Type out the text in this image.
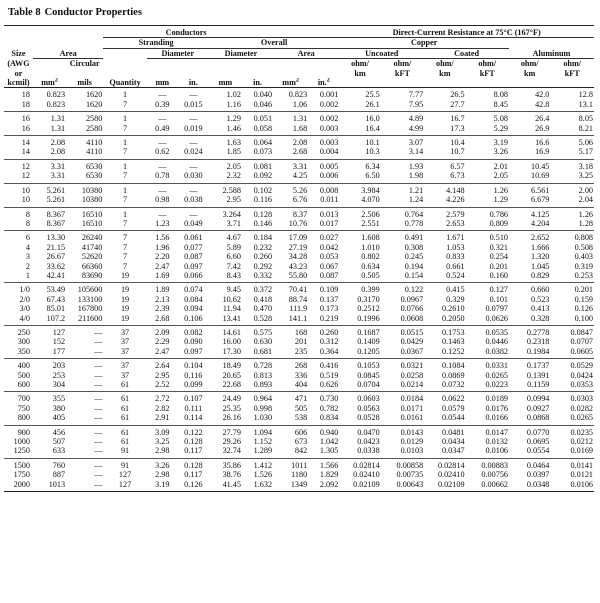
Table 8 Conductor Properties
	Conductors									Direct-Current Resistance at 75°C (167°F)					
			Stranding			Overall				Copper					
Size	Area			Diameter		Diameter		Area		Uncoated		Coated		Aluminum	
(AWG		Circular								ohm/	ohm/	ohm/	ohm/	ohm/	ohm/
or										km	kFT	km	kFT	km	kFT
kcmil)	$mm^2$	mils	Quantity	mm	in.	mm	in.	$mm^2$	in.$^2$						
18	0.823	1620	1	—	—	1.02	0.040	0.823	0.001	25.5	7.77	26.5	8.08	42.0	12.8
18	0.823	1620	7	0.39	0.015	1.16	0.046	1.06	0.002	26.1	7.95	27.7	8.45	42.8	13.1
16	1.31	2580	1	—	—	1.29	0.051	1.31	0.002	16.0	4.89	16.7	5.08	26.4	8.05
16	1.31	2580	7	0.49	0.019	1.46	0.058	1.68	0.003	16.4	4.99	17.3	5.29	26.9	8.21
14	2.08	4110	1	—	—	1.63	0.064	2.08	0.003	10.1	3.07	10.4	3.19	16.6	5.06
14	2.08	4110	7	0.62	0.024	1.85	0.073	2.68	0.004	10.3	3.14	10.7	3.26	16.9	5.17
12	3.31	6530	1	—	—	2.05	0.081	3.31	0.005	6.34	1.93	6.57	2.01	10.45	3.18
12	3.31	6530	7	0.78	0.030	2.32	0.092	4.25	0.006	6.50	1.98	6.73	2.05	10.69	3.25
10	5.261	10380	1	—	—	2.588	0.102	5.26	0.008	3.984	1.21	4.148	1.26	6.561	2.00
10	5.261	10380	7	0.98	0.038	2.95	0.116	6.76	0.011	4.070	1.24	4.226	1.29	6.679	2.04
8	8.367	16510	1	—	—	3.264	0.128	8.37	0.013	2.506	0.764	2.579	0.786	4.125	1.26
8	8.367	16510	7	1.23	0.049	3.71	0.146	10.76	0.017	2.551	0.778	2.653	0.809	4.204	1.28
6	13.30	26240	7	1.56	0.061	4.67	0.184	17.09	0.027	1.608	0.491	1.671	0.510	2.652	0.808
4	21.15	41740	7	1.96	0.077	5.89	0.232	27.19	0.042	1.010	0.308	1.053	0.321	1.666	0.508
3	26.67	52620	7	2.20	0.087	6.60	0.260	34.28	0.053	0.802	0.245	0.833	0.254	1.320	0.403
2	33.62	66360	7	2.47	0.097	7.42	0.292	43.23	0.067	0.634	0.194	0.661	0.201	1.045	0.319
1	42.41	83690	19	1.69	0.066	8.43	0.332	55.80	0.087	0.505	0.154	0.524	0.160	0.829	0.253
1/0	53.49	105600	19	1.89	0.074	9.45	0.372	70.41	0.109	0.399	0.122	0.415	0.127	0.660	0.201
2/0	67.43	133100	19	2.13	0.084	10.62	0.418	88.74	0.137	0.3170	0.0967	0.329	0.101	0.523	0.159
3/0	85.01	167800	19	2.39	0.094	11.94	0.470	111.9	0.173	0.2512	0.0766	0.2610	0.0797	0.413	0.126
4/0	107.2	211600	19	2.68	0.106	13.41	0.528	141.1	0.219	0.1996	0.0608	0.2050	0.0626	0.328	0.100
250	127	—	37	2.09	0.082	14.61	0.575	168	0.260	0.1687	0.0515	0.1753	0.0535	0.2778	0.0847
300	152	—	37	2.29	0.090	16.00	0.630	201	0.312	0.1409	0.0429	0.1463	0.0446	0.2318	0.0707
350	177	—	37	2.47	0.097	17.30	0.681	235	0.364	0.1205	0.0367	0.1252	0.0382	0.1984	0.0605
400	203	—	37	2.64	0.104	18.49	0.728	268	0.416	0.1053	0.0321	0.1084	0.0331	0.1737	0.0529
500	253	—	37	2.95	0.116	20.65	0.813	336	0.519	0.0845	0.0258	0.0869	0.0265	0.1391	0.0424
600	304	—	61	2.52	0.099	22.68	0.893	404	0.626	0.0704	0.0214	0.0732	0.0223	0.1159	0.0353
700	355	—	61	2.72	0.107	24.49	0.964	471	0.730	0.0603	0.0184	0.0622	0.0189	0.0994	0.0303
750	380	—	61	2.82	0.111	25.35	0.998	505	0.782	0.0563	0.0171	0.0579	0.0176	0.0927	0.0282
800	405	—	61	2.91	0.114	26.16	1.030	538	0.834	0.0528	0.0161	0.0544	0.0166	0.0868	0.0265
900	456	—	61	3.09	0.122	27.79	1.094	606	0.940	0.0470	0.0143	0.0481	0.0147	0.0770	0.0235
1000	507	—	61	3.25	0.128	29.26	1.152	673	1.042	0.0423	0.0129	0.0434	0.0132	0.0695	0.0212
1250	633	—	91	2.98	0.117	32.74	1.289	842	1.305	0.0338	0.0103	0.0347	0.0106	0.0554	0.0169
1500	760	—	91	3.26	0.128	35.86	1.412	1011	1.566	0.02814	0.00858	0.02814	0.00883	0.0464	0.0141
1750	887	—	127	2.98	0.117	38.76	1.526	1180	1.829	0.02410	0.00735	0.02410	0.00756	0.0397	0.0121
2000	1013	—	127	3.19	0.126	41.45	1.632	1349	2.092	0.02109	0.00643	0.02109	0.00662	0.0348	0.0106
